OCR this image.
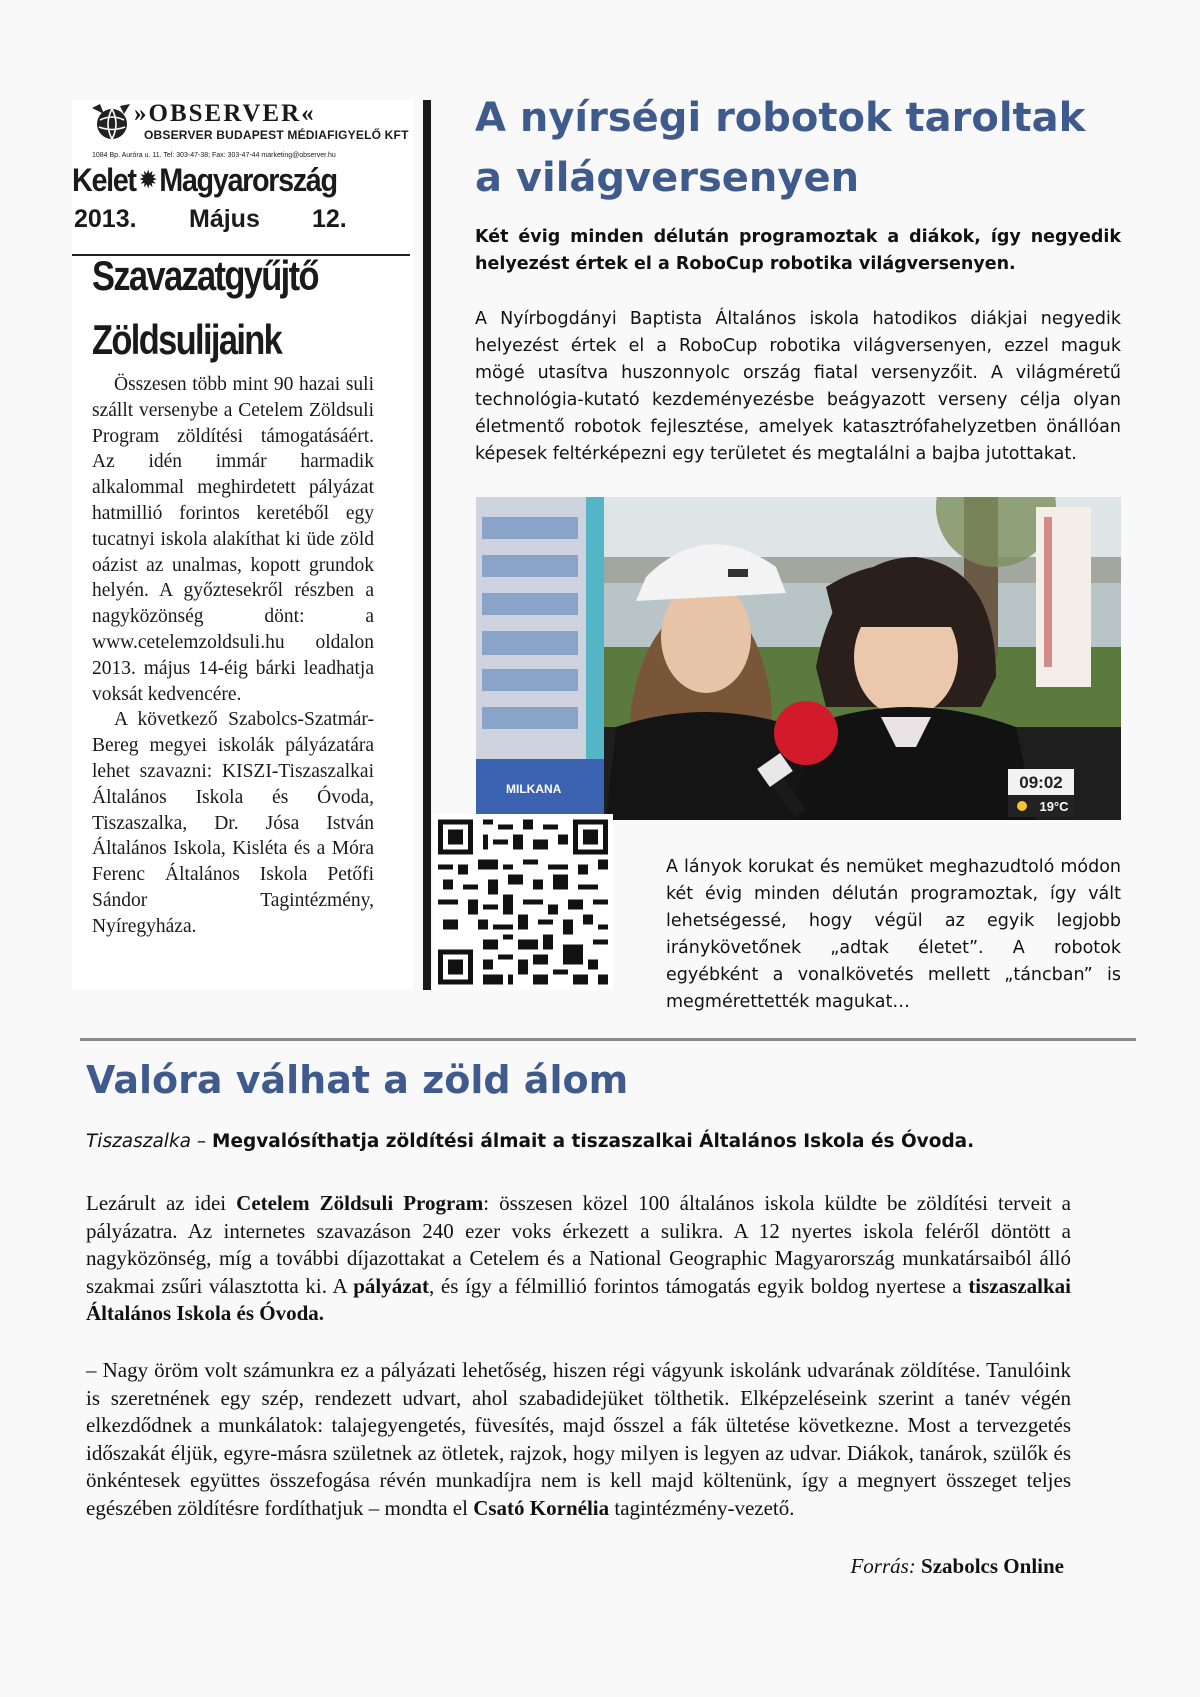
»OBSERVER«
OBSERVER BUDAPEST MÉDIAFIGYELŐ KFT
1084 Bp. Auróra u. 11. Tel: 303-47-38; Fax: 303-47-44 marketing@observer.hu
Kelet ✹ Magyarország
2013. Május 12.
Szavazatgyűjtő
Zöldsulijaink

Összesen több mint 90 hazai suli szállt versenybe a Cetelem Zöldsuli Program zöldítési támogatásáért. Az idén immár harmadik alkalommal meghirdetett pályázat hatmillió forintos keretéből egy tucatnyi iskola alakíthat ki üde zöld oázist az unalmas, kopott grundok helyén. A győztesekről részben a nagyközönség dönt: a www.cetelemzoldsuli.hu oldalon 2013. május 14-éig bárki leadhatja voksát kedvencére.

A következő Szabolcs-Szatmár-Bereg megyei iskolák pályázatára lehet szavazni: KISZI-Tiszaszalkai Általános Iskola és Óvoda, Tiszaszalka, Dr. Jósa István Általános Iskola, Kisléta és a Móra Ferenc Általános Iskola Petőfi Sándor Tagintézmény, Nyíregyháza.

A nyírségi robotok taroltak a világversenyen
Két évig minden délután programoztak a diákok, így negyedik helyezést értek el a RoboCup robotika világversenyen.
A Nyírbogdányi Baptista Általános iskola hatodikos diákjai negyedik helyezést értek el a RoboCup robotika világversenyen, ezzel maguk mögé utasítva huszonnyolc ország fiatal versenyzőit. A világméretű technológia-kutató kezdeményezésbe beágyazott verseny célja olyan életmentő robotok fejlesztése, amelyek katasztrófahelyzetben önállóan képesek feltérképezni egy területet és megtalálni a bajba jutottakat.
MILKANA	09:02
19°C
A lányok korukat és nemüket meghazudtoló módon két évig minden délután programoztak, így vált lehetségessé, hogy végül az egyik legjobb iránykövetőnek „adtak életet”. A robotok egyébként a vonalkövetés mellett „táncban” is megmérettették magukat…
Valóra válhat a zöld álom
Tiszaszalka – Megvalósíthatja zöldítési álmait a tiszaszalkai Általános Iskola és Óvoda.
Lezárult az idei Cetelem Zöldsuli Program: összesen közel 100 általános iskola küldte be zöldítési terveit a pályázatra. Az internetes szavazáson 240 ezer voks érkezett a sulikra. A 12 nyertes iskola feléről döntött a nagyközönség, míg a további díjazottakat a Cetelem és a National Geographic Magyarország munkatársaiból álló szakmai zsűri választotta ki. A pályázat, és így a félmillió forintos támogatás egyik boldog nyertese a tiszaszalkai Általános Iskola és Óvoda.
– Nagy öröm volt számunkra ez a pályázati lehetőség, hiszen régi vágyunk iskolánk udvarának zöldítése. Tanulóink is szeretnének egy szép, rendezett udvart, ahol szabadidejüket tölthetik. Elképzeléseink szerint a tanév végén elkezdődnek a munkálatok: talajegyengetés, füvesítés, majd ősszel a fák ültetése következne. Most a tervezgetés időszakát éljük, egyre-másra születnek az ötletek, rajzok, hogy milyen is legyen az udvar. Diákok, tanárok, szülők és önkéntesek együttes összefogása révén munkadíjra nem is kell majd költenünk, így a megnyert összeget teljes egészében zöldítésre fordíthatjuk – mondta el Csató Kornélia tagintézmény-vezető.
Forrás: Szabolcs Online
